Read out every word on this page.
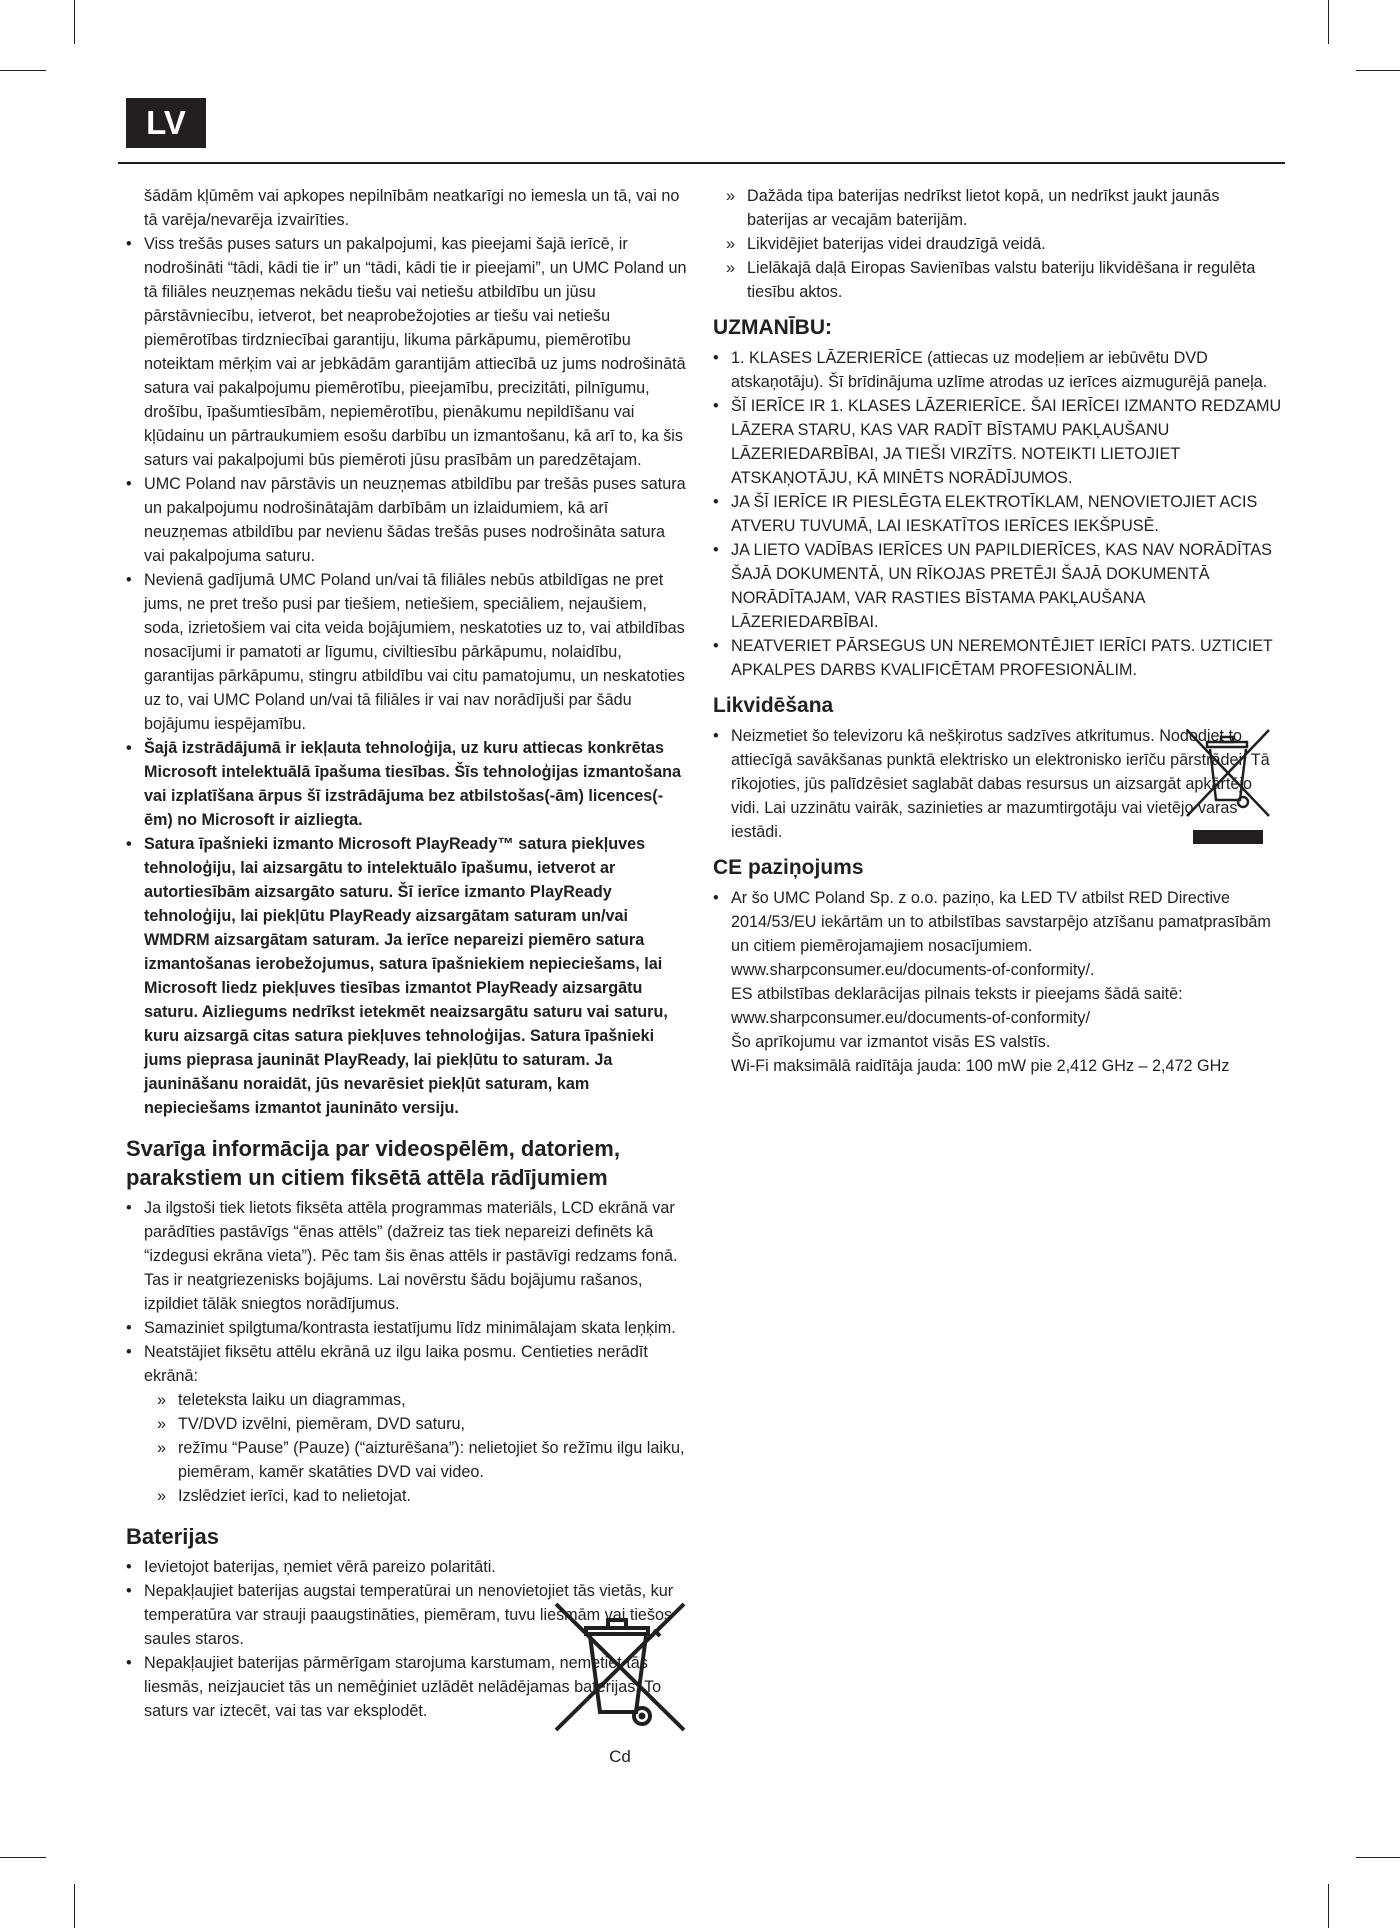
LV
šādām kļūmēm vai apkopes nepilnībām neatkarīgi no iemesla un tā, vai no tā varēja/nevarēja izvairīties.
• Viss trešās puses saturs un pakalpojumi, kas pieejami šajā ierīcē, ir nodrošināti “tādi, kādi tie ir” un “tādi, kādi tie ir pieejami”, un UMC Poland un tā filiāles neuzņemas nekādu tiešu vai netiešu atbildību un jūsu pārstāvniecību, ietverot, bet neaprobežojoties ar tiešu vai netiešu piemērotības tirdzniecībai garantiju, likuma pārkāpumu, piemērotību noteiktam mērķim vai ar jebkādām garantijām attiecībā uz jums nodrošinātā satura vai pakalpojumu piemērotību, pieejamību, precizitāti, pilnīgumu, drošību, īpašumtiesībām, nepiemērotību, pienākumu nepildīšanu vai kļūdainu un pārtraukumiem esošu darbību un izmantošanu, kā arī to, ka šis saturs vai pakalpojumi būs piemēroti jūsu prasībām un paredzētajam.
• UMC Poland nav pārstāvis un neuzņemas atbildību par trešās puses satura un pakalpojumu nodrošinātajām darbībām un izlaidumiem, kā arī neuzņemas atbildību par nevienu šādas trešās puses nodrošināta satura vai pakalpojuma saturu.
• Nevienā gadījumā UMC Poland un/vai tā filiāles nebūs atbildīgas ne pret jums, ne pret trešo pusi par tiešiem, netiešiem, speciāliem, nejaušiem, soda, izrietošiem vai cita veida bojājumiem, neskatoties uz to, vai atbildības nosacījumi ir pamatoti ar līgumu, civiltiesību pārkāpumu, nolaidību, garantijas pārkāpumu, stingru atbildību vai citu pamatojumu, un neskatoties uz to, vai UMC Poland un/vai tā filiāles ir vai nav norādījuši par šādu bojājumu iespējamību.
• Šajā izstrādājumā ir iekļauta tehnoloģija, uz kuru attiecas konkrētas Microsoft intelektuālā īpašuma tiesības. Šīs tehnoloģijas izmantošana vai izplatīšana ārpus šī izstrādājuma bez atbilstošas(-ām) licences(-ēm) no Microsoft ir aizliegta.
• Satura īpašnieki izmanto Microsoft PlayReady™ satura piekļuves tehnoloģiju, lai aizsargātu to intelektuālo īpašumu, ietverot ar autortiesībām aizsargāto saturu. Šī ierīce izmanto PlayReady tehnoloģiju, lai piekļūtu PlayReady aizsargātam saturam un/vai WMDRM aizsargātam saturam. Ja ierīce nepareizi piemēro satura izmantošanas ierobežojumus, satura īpašniekiem nepieciešams, lai Microsoft liedz piekļuves tiesības izmantot PlayReady aizsargātu saturu. Aizliegums nedrīkst ietekmēt neaizsargātu saturu vai saturu, kuru aizsargā citas satura piekļuves tehnoloģijas. Satura īpašnieki jums pieprasa jaunināt PlayReady, lai piekļūtu to saturam. Ja jaunināšanu noraidāt, jūs nevarēsiet piekļūt saturam, kam nepieciešams izmantot jaunināto versiju.
Svarīga informācija par videospēlēm, datoriem, parakstiem un citiem fiksētā attēla rādījumiem
• Ja ilgstoši tiek lietots fiksēta attēla programmas materiāls, LCD ekrānā var parādīties pastāvīgs “ēnas attēls” (dažreiz tas tiek nepareizi definēts kā “izdegusi ekrāna vieta”). Pēc tam šis ēnas attēls ir pastāvīgi redzams fonā. Tas ir neatgriezenisks bojājums. Lai novērstu šādu bojājumu rašanos, izpildiet tālāk sniegtos norādījumus.
• Samaziniet spilgtuma/kontrasta iestatījumu līdz minimālajam skata leņķim.
• Neatstājiet fiksētu attēlu ekrānā uz ilgu laika posmu. Centieties nerādīt ekrānā:
» teleteksta laiku un diagrammas,
» TV/DVD izvēlni, piemēram, DVD saturu,
» režīmu “Pause” (Pauze) (“aizturēšana”): nelietojiet šo režīmu ilgu laiku, piemēram, kamēr skatāties DVD vai video.
» Izslēdziet ierīci, kad to nelietojat.
Baterijas
• Ievietojot baterijas, ņemiet vērā pareizo polaritāti.
• Nepakļaujiet baterijas augstai temperatūrai un nenovietojiet tās vietās, kur temperatūra var strauji paaugstināties, piemēram, tuvu liesmām vai tiešos saules staros.
• Nepakļaujiet baterijas pārmērīgam starojuma karstumam, nemetiet tās liesmās, neizjauciet tās un nemēģiniet uzlādēt nelādējamas baterijas. To saturs var iztecēt, vai tas var eksplodēt.
Cd
» Dažāda tipa baterijas nedrīkst lietot kopā, un nedrīkst jaukt jaunās baterijas ar vecajām baterijām.
» Likvidējiet baterijas videi draudzīgā veidā.
» Lielākajā daļā Eiropas Savienības valstu bateriju likvidēšana ir regulēta tiesību aktos.
UZMANĪBU:
• 1. KLASES LĀZERIERĪCE (attiecas uz modeļiem ar iebūvētu DVD atskaņotāju). Šī brīdinājuma uzlīme atrodas uz ierīces aizmugurējā paneļa.
• ŠĪ IERĪCE IR 1. KLASES LĀZERIERĪCE. ŠAI IERĪCEI IZMANTO REDZAMU LĀZERA STARU, KAS VAR RADĪT BĪSTAMU PAKĻAUŠANU LĀZERIEDARBĪBAI, JA TIEŠI VIRZĪTS. NOTEIKTI LIETOJIET ATSKAŅOTĀJU, KĀ MINĒTS NORĀDĪJUMOS.
• JA ŠĪ IERĪCE IR PIESLĒGTA ELEKTROTĪKLAM, NENOVIETOJIET ACIS ATVERU TUVUMĀ, LAI IESKATĪTOS IERĪCES IEKŠPUSĒ.
• JA LIETO VADĪBAS IERĪCES UN PAPILDIERĪCES, KAS NAV NORĀDĪTAS ŠAJĀ DOKUMENTĀ, UN RĪKOJAS PRETĒJI ŠAJĀ DOKUMENTĀ NORĀDĪTAJAM, VAR RASTIES BĪSTAMA PAKĻAUŠANA LĀZERIEDARBĪBAI.
• NEATVERIET PĀRSEGUS UN NEREMONTĒJIET IERĪCI PATS. UZTICIET APKALPES DARBS KVALIFICĒTAM PROFESIONĀLIM.
Likvidēšana
• Neizmetiet šo televizoru kā nešķirotus sadzīves atkritumus. Nododiet to attiecīgā savākšanas punktā elektrisko un elektronisko ierīču pārstrādei. Tā rīkojoties, jūs palīdzēsiet saglabāt dabas resursus un aizsargāt apkārtējo vidi. Lai uzzinātu vairāk, sazinieties ar mazumtirgotāju vai vietējo varas iestādi.
CE paziņojums
• Ar šo UMC Poland Sp. z o.o. paziņo, ka LED TV atbilst RED Directive 2014/53/EU iekārtām un to atbilstības savstarpējo atzīšanu pamatprasībām un citiem piemērojamajiem nosacījumiem. www.sharpconsumer.eu/documents-of-conformity/.
ES atbilstības deklarācijas pilnais teksts ir pieejams šādā saitē: www.sharpconsumer.eu/documents-of-conformity/
Šo aprīkojumu var izmantot visās ES valstīs.
Wi-Fi maksimālā raidītāja jauda: 100 mW pie 2,412 GHz – 2,472 GHz
